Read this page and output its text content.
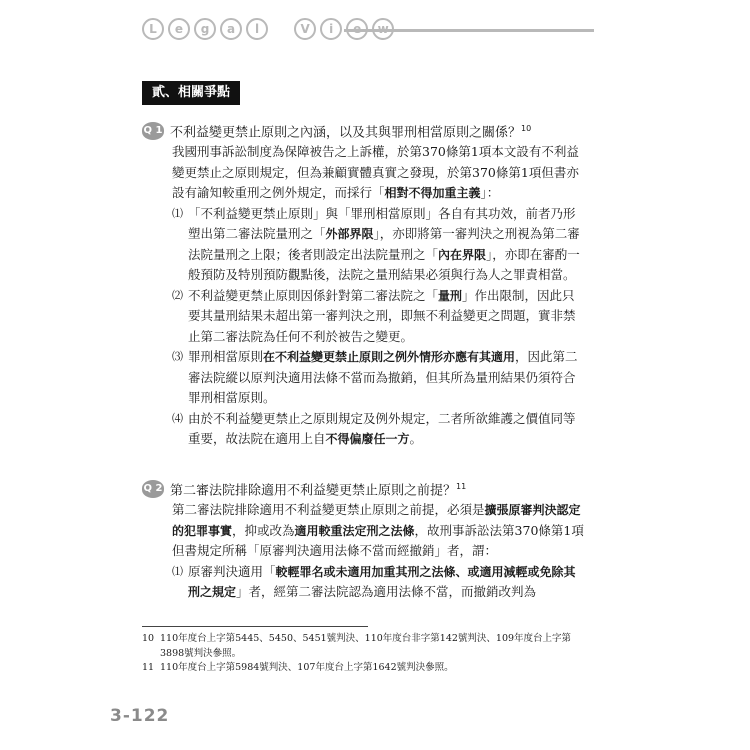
L	e	g	a	l
	V	i
貳、相關爭點
Q 1 不利益變更禁止原則之內涵，以及其與罪刑相當原則之關係？$^{10}$
我國刑事訴訟制度為保障被告之上訴權，於第370條第1項本文設有不利益變更禁止之原則規定，但為兼顧實體真實之發現，於第370條第1項但書亦設有諭知較重刑之例外規定，而採行「相對不得加重主義」：
⑴ 「不利益變更禁止原則」與「罪刑相當原則」各自有其功效，前者乃形塑出第二審法院量刑之「外部界限」，亦即將第一審判決之刑視為第二審法院量刑之上限；後者則設定出法院量刑之「內在界限」，亦即在審酌一般預防及特別預防觀點後，法院之量刑結果必須與行為人之罪責相當。
⑵ 不利益變更禁止原則因係針對第二審法院之「量刑」作出限制，因此只要其量刑結果未超出第一審判決之刑，即無不利益變更之問題，實非禁止第二審法院為任何不利於被告之變更。
⑶ 罪刑相當原則在不利益變更禁止原則之例外情形亦應有其適用，因此第二審法院縱以原判決適用法條不當而為撤銷，但其所為量刑結果仍須符合罪刑相當原則。
⑷ 由於不利益變更禁止之原則規定及例外規定，二者所欲維護之價值同等重要，故法院在適用上自不得偏廢任一方。
Q 2 第二審法院排除適用不利益變更禁止原則之前提？$^{11}$
第二審法院排除適用不利益變更禁止原則之前提，必須是擴張原審判決認定的犯罪事實，抑或改為適用較重法定刑之法條，故刑事訴訟法第370條第1項但書規定所稱「原審判決適用法條不當而經撤銷」者，謂：
⑴ 原審判決適用「較輕罪名或未適用加重其刑之法條、或適用減輕或免除其刑之規定」者，經第二審法院認為適用法條不當，而撤銷改判為
10 110年度台上字第5445、5450、5451號判決、110年度台非字第142號判決、109年度台上字第
3898號判決參照。
11 110年度台上字第5984號判決、107年度台上字第1642號判決參照。
3-122
